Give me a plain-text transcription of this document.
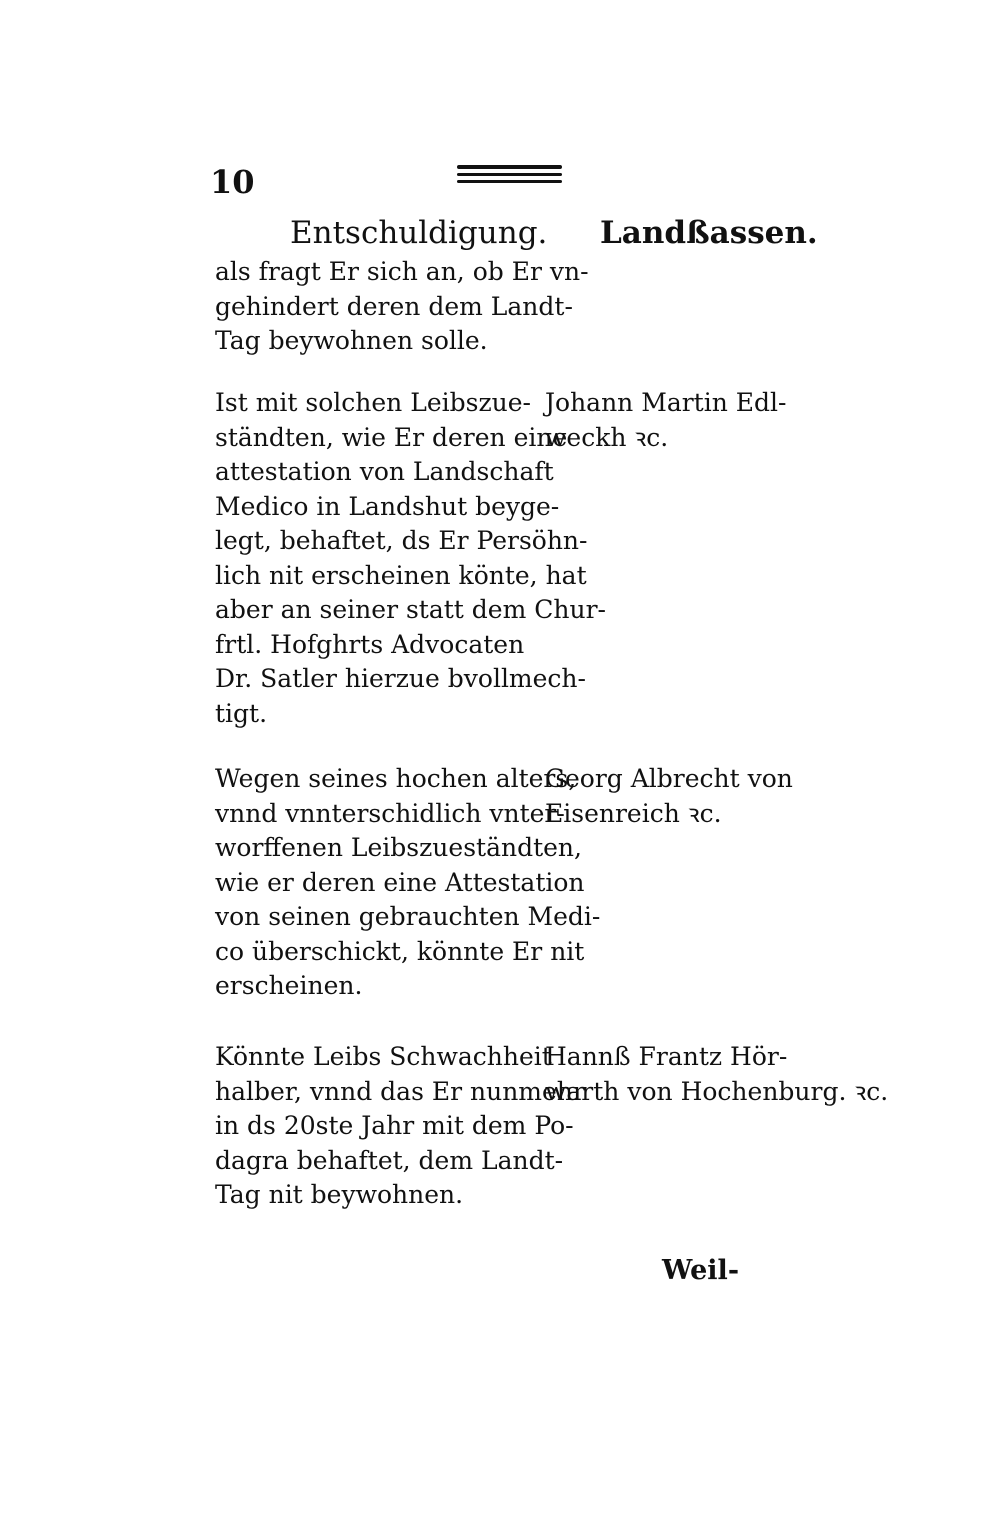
10
Entschuldigung. Landßassen.
als fragt Er sich an, ob Er vn-
gehindert deren dem Landt-
Tag beywohnen solle.
Ist mit solchen Leibszue-
ständten, wie Er deren eine
attestation von Landschaft
Medico in Landshut beyge-
legt, behaftet, ds Er Persöhn-
lich nit erscheinen könte, hat
aber an seiner statt dem Chur-
frtl. Hofghrts Advocaten
Dr. Satler hierzue bvollmech-
tigt.
Johann Martin Edl-
weckh ꝛc.
Wegen seines hochen alters,
vnnd vnnterschidlich vnter-
worffenen Leibszueständten,
wie er deren eine Attestation
von seinen gebrauchten Medi-
co überschickt, könnte Er nit
erscheinen.
Georg Albrecht von
Eisenreich ꝛc.
Könnte Leibs Schwachheit
halber, vnnd das Er nunmehr
in ds 20ste Jahr mit dem Po-
dagra behaftet, dem Landt-
Tag nit beywohnen.
Hannß Frantz Hör-
warth von Hochenburg. ꝛc.
Weil-
